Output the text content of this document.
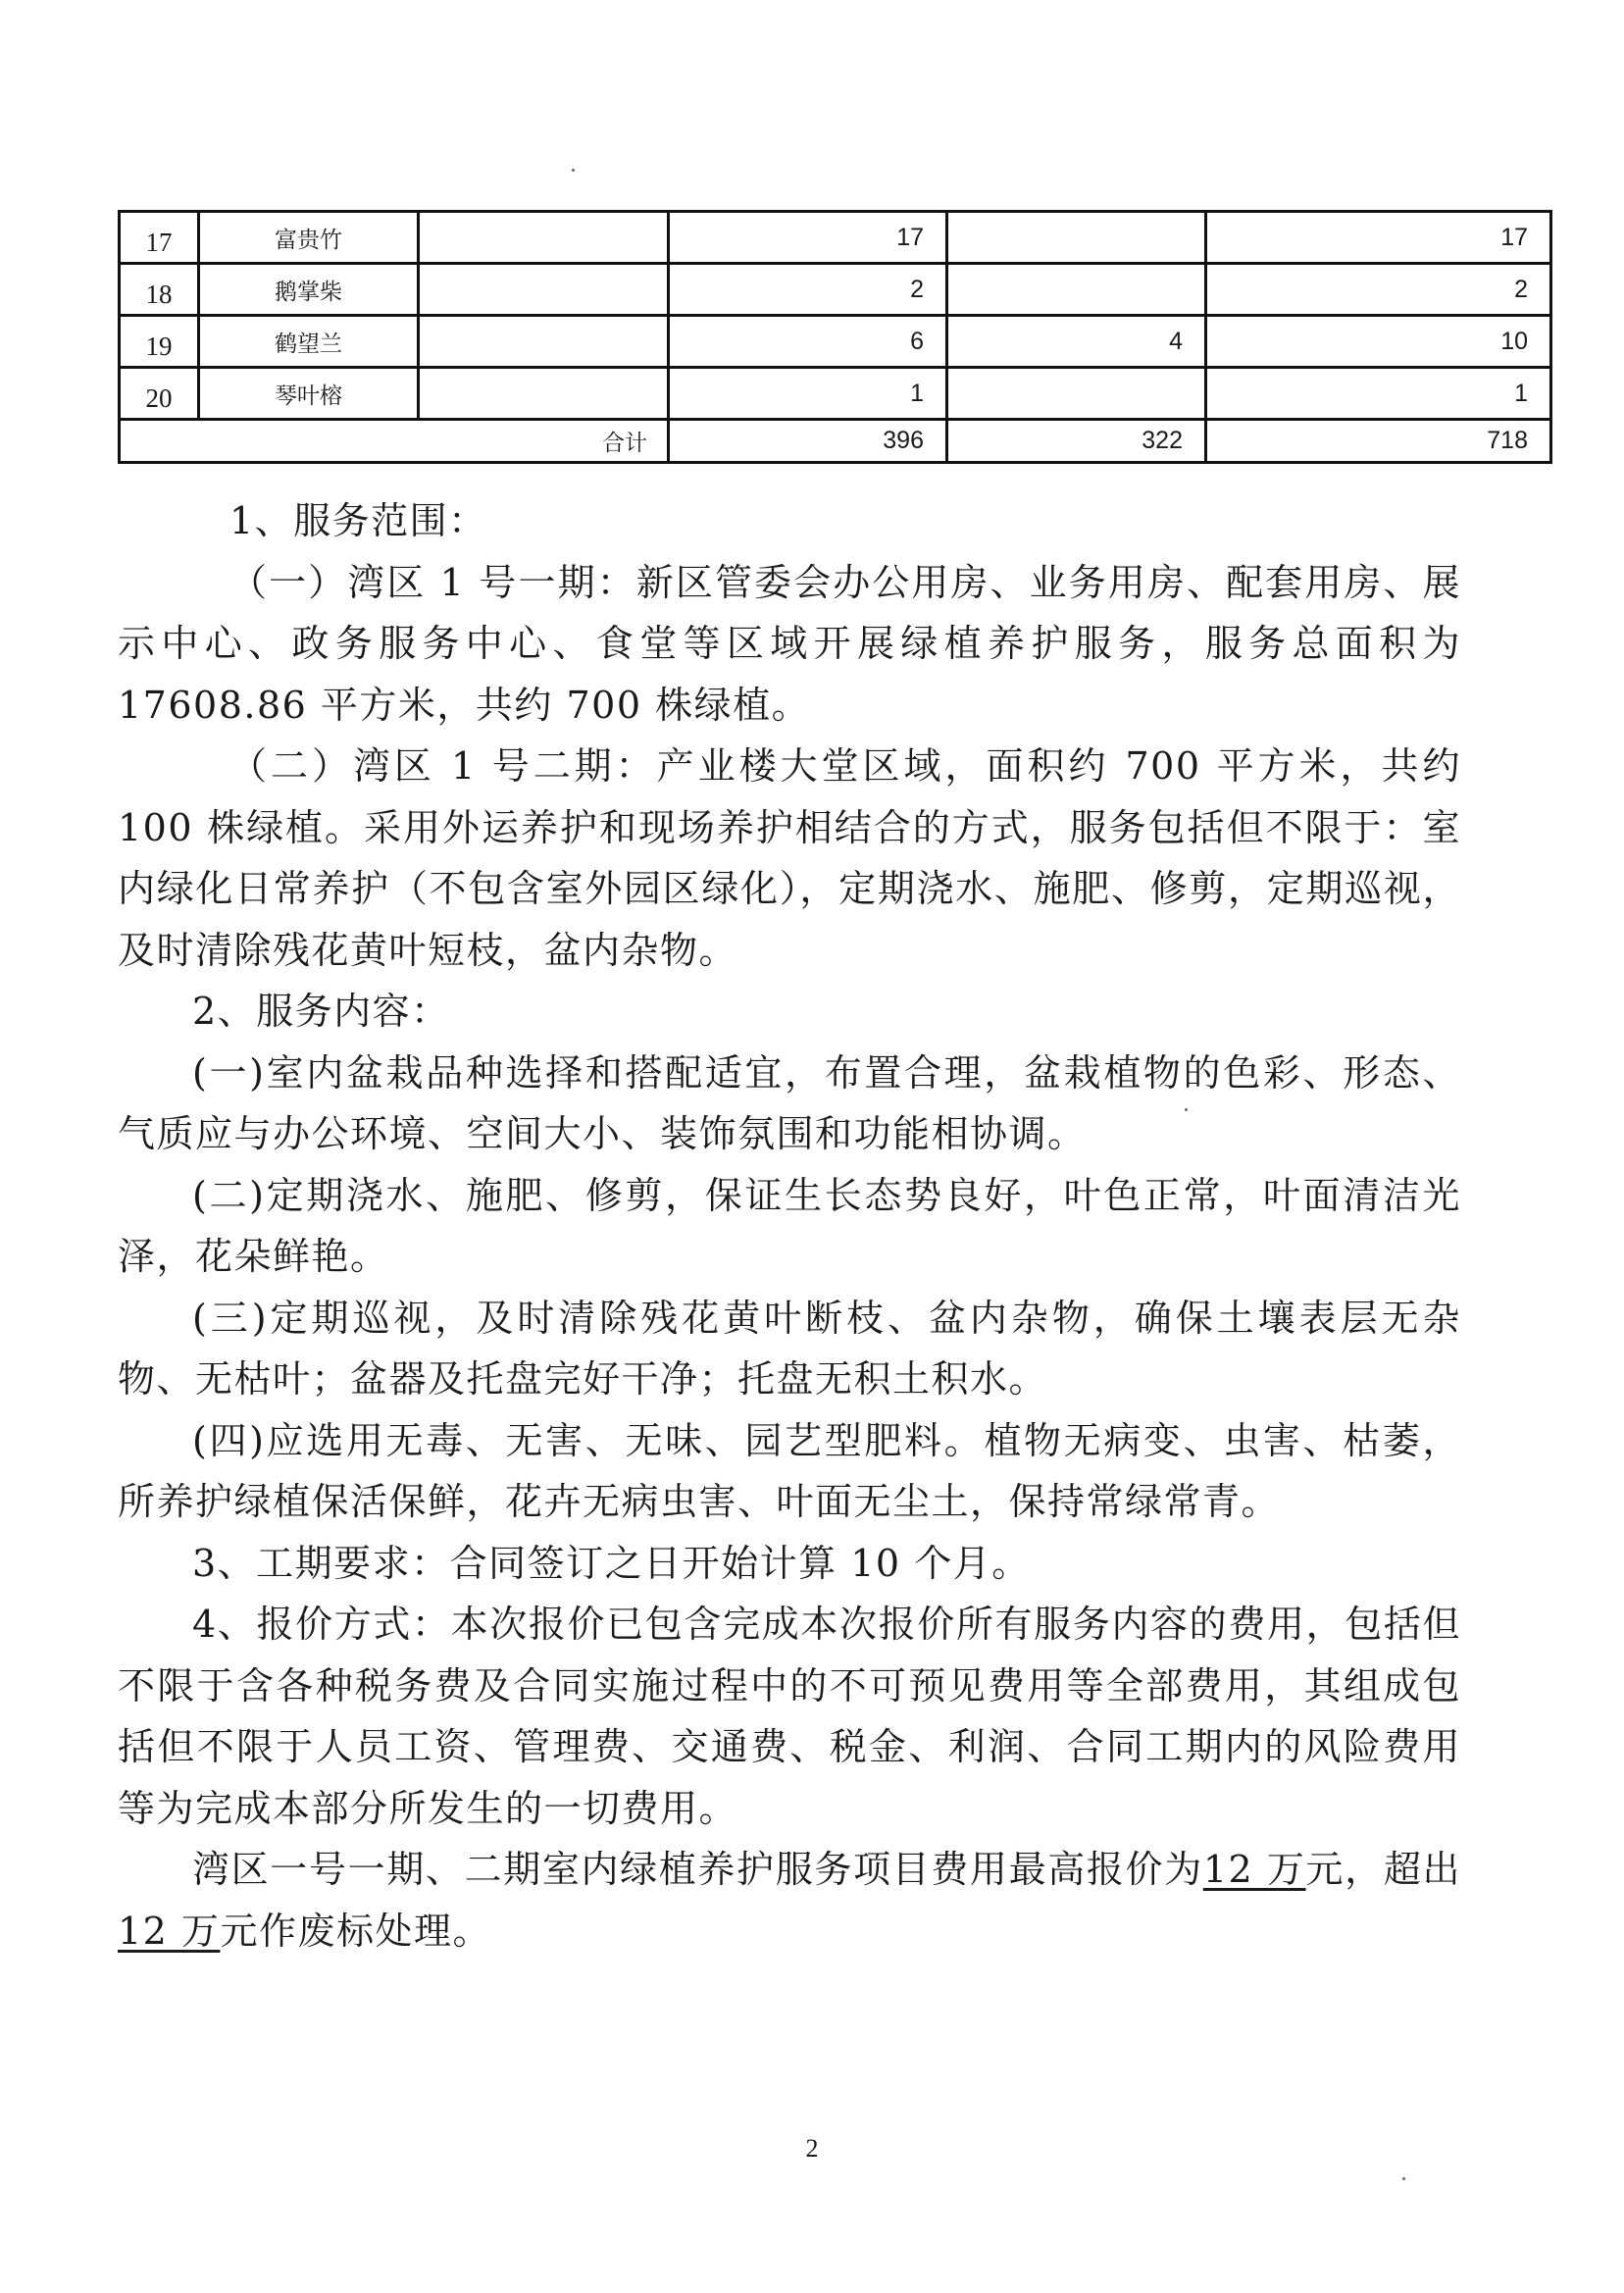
17	富贵竹		17		17
18	鹅掌柴		2		2
19	鹤望兰		6	4	10
20	琴叶榕		1		1
合计			396	322	718

1、服务范围：

（一）湾区 1 号一期：新区管委会办公用房、业务用房、配套用房、展示中心、政务服务中心、食堂等区域开展绿植养护服务，服务总面积为 17608.86 平方米，共约 700 株绿植。

（二）湾区 1 号二期：产业楼大堂区域，面积约 700 平方米，共约 100 株绿植。采用外运养护和现场养护相结合的方式，服务包括但不限于：室内绿化日常养护（不包含室外园区绿化），定期浇水、施肥、修剪，定期巡视，及时清除残花黄叶短枝，盆内杂物。

2、服务内容：

(一)室内盆栽品种选择和搭配适宜，布置合理，盆栽植物的色彩、形态、气质应与办公环境、空间大小、装饰氛围和功能相协调。

(二)定期浇水、施肥、修剪，保证生长态势良好，叶色正常，叶面清洁光泽，花朵鲜艳。

(三)定期巡视，及时清除残花黄叶断枝、盆内杂物，确保土壤表层无杂物、无枯叶；盆器及托盘完好干净；托盘无积土积水。

(四)应选用无毒、无害、无味、园艺型肥料。植物无病变、虫害、枯萎，所养护绿植保活保鲜，花卉无病虫害、叶面无尘土，保持常绿常青。

3、工期要求：合同签订之日开始计算 10 个月。

4、报价方式：本次报价已包含完成本次报价所有服务内容的费用，包括但不限于含各种税务费及合同实施过程中的不可预见费用等全部费用，其组成包括但不限于人员工资、管理费、交通费、税金、利润、合同工期内的风险费用等为完成本部分所发生的一切费用。

湾区一号一期、二期室内绿植养护服务项目费用最高报价为12 万元，超出12 万元作废标处理。

2
